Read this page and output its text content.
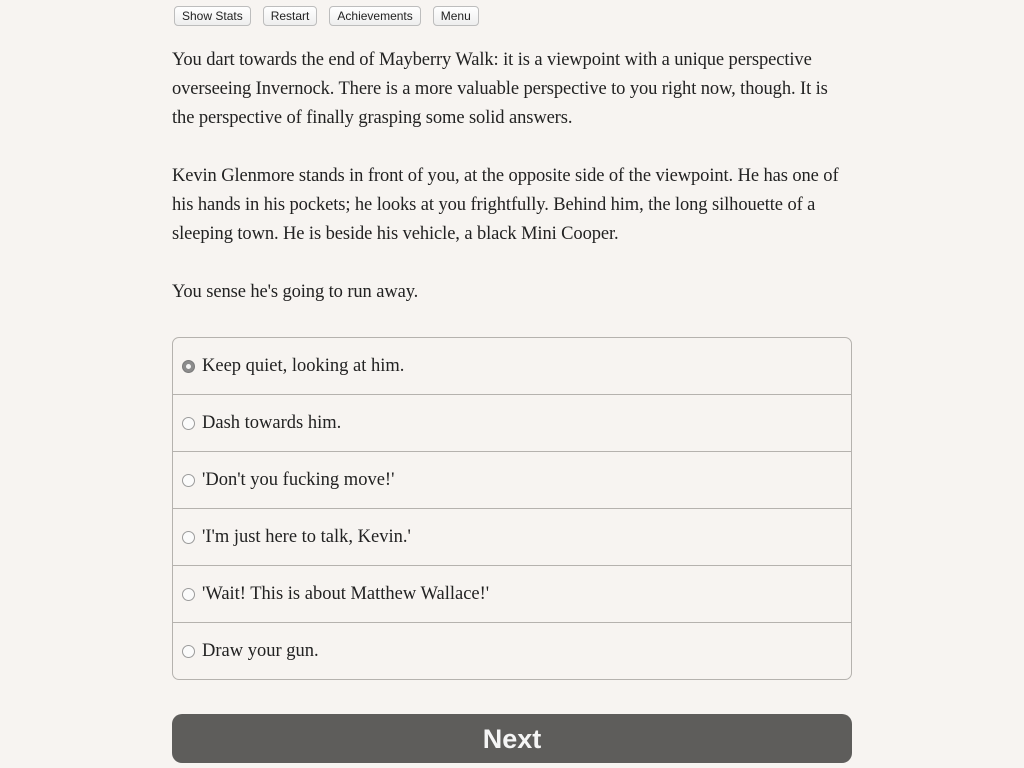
Show Stats	Restart	Achievements	Menu

You dart towards the end of Mayberry Walk: it is a viewpoint with a unique perspective overseeing Invernock. There is a more valuable perspective to you right now, though. It is the perspective of finally grasping some solid answers.

Kevin Glenmore stands in front of you, at the opposite side of the viewpoint. He has one of his hands in his pockets; he looks at you frightfully. Behind him, the long silhouette of a sleeping town. He is beside his vehicle, a black Mini Cooper.

You sense he's going to run away.

Keep quiet, looking at him.
Dash towards him.
'Don't you fucking move!'
'I'm just here to talk, Kevin.'
'Wait! This is about Matthew Wallace!'
Draw your gun.
Next
